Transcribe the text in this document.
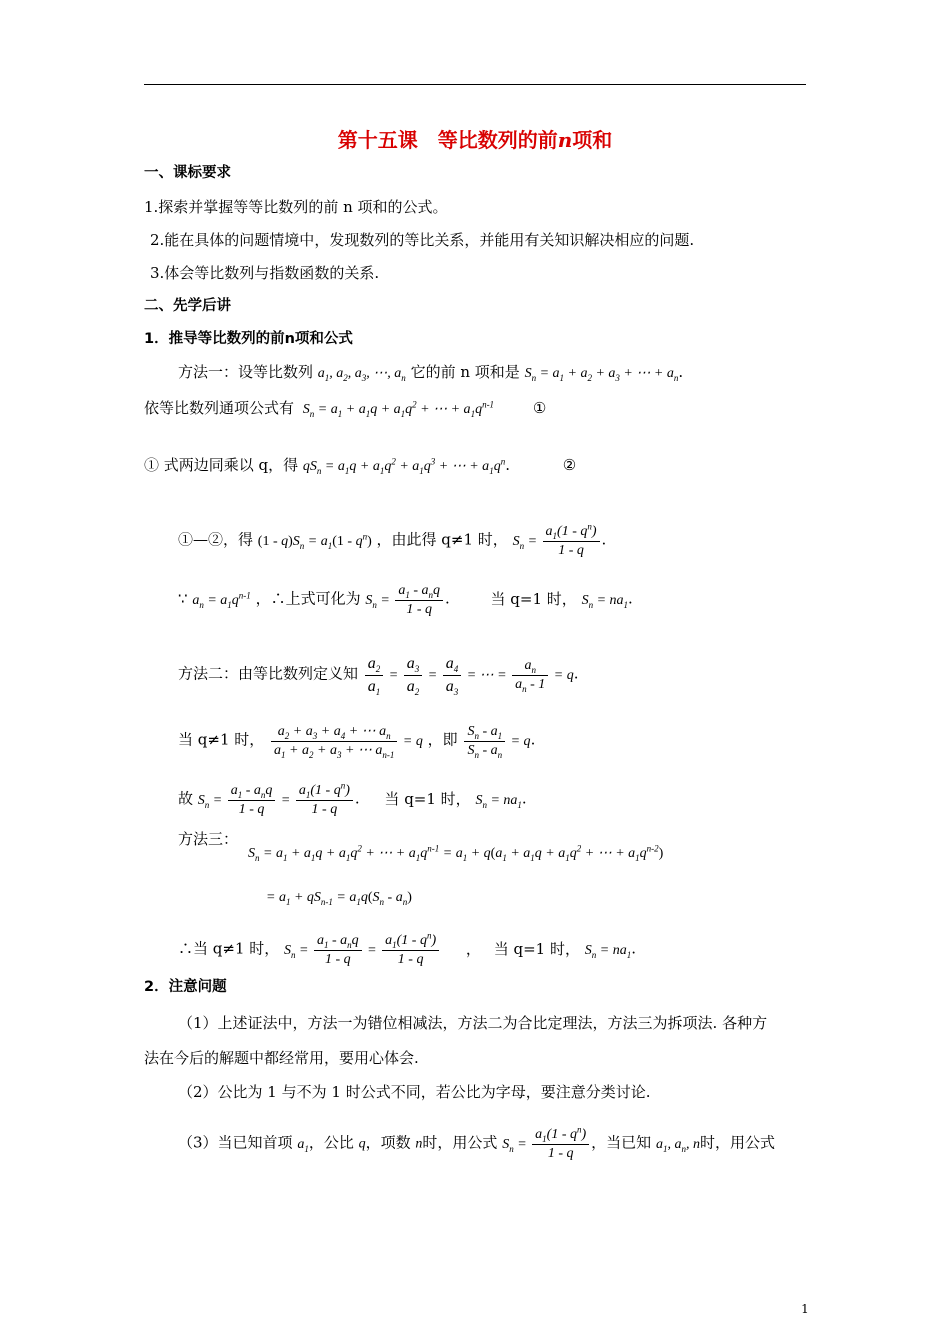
第十五课　等比数列的前n项和
一、课标要求
1.探索并掌握等等比数列的前 n 项和的公式。
2.能在具体的问题情境中，发现数列的等比关系，并能用有关知识解决相应的问题.
3.体会等比数列与指数函数的关系.
二、先学后讲
1．推导等比数列的前n项和公式
方法一：设等比数列 $a_1$, $a_2$, $a_3$, ⋯, $a_n$ 它的前 n 项和是 $S_n = a_1 + a_2 + a_3$ + ⋯ + $a_n$.
依等比数列通项公式有 $S_n = a_1 + a_1q + a_1q^2$ + ⋯ + $a_1q^{n-1}$	①
① 式两边同乘以 q，得 $qS_n = a_1q + a_1q^2 + a_1q^3$ + ⋯ + $a_1q^n$.	②
①—②，得 $(1 - q)S_n = a_1(1 - q^n)$ ，由此得 q≠1 时， $S_n = \frac{a_1(1 - q^n)}{1 - q}$ .
∵ $a_n = a_1q^{n-1}$ ，∴上式可化为 $S_n = \frac{a_1 - a_nq}{1 - q}$ . 当 q=1 时， $S_n = na_1$.
方法二：由等比数列定义知 $\frac{a_2}{a_1} = \frac{a_3}{a_2} = \frac{a_4}{a_3}$ = ⋯ = $\frac{a_n}{a_n - 1} = q$.
当 q≠1 时， $\frac{a_2 + a_3 + a_4 + \cdots a_n}{a_1 + a_2 + a_3 + \cdots a_{n-1}} = q$ ，即 $\frac{S_n - a_1}{S_n - a_n} = q$.
故 $S_n = \frac{a_1 - a_nq}{1 - q} = \frac{a_1(1 - q^n)}{1 - q}$ . 当 q=1 时， $S_n = na_1$.
方法三：
$S_n = a_1 + a_1q + a_1q^2$ + ⋯ + $a_1q^{n-1} = a_1 + q(a_1 + a_1q + a_1q^2$ + ⋯ + $a_1q^{n-2}$)
= $a_1 + qS_{n-1} = a_1q(S_n - a_n)$
∴当 q≠1 时， $S_n = \frac{a_1 - a_nq}{1 - q} = \frac{a_1(1 - q^n)}{1 - q}$ ， 当 q=1 时， $S_n = na_1$.
2．注意问题
（1）上述证法中，方法一为错位相减法，方法二为合比定理法，方法三为拆项法. 各种方
法在今后的解题中都经常用，要用心体会.
（2）公比为 1 与不为 1 时公式不同，若公比为字母，要注意分类讨论.
（3）当已知首项 $a_1$，公比 q，项数 n时，用公式 $S_n = \frac{a_1(1 - q^n)}{1 - q}$ ，当已知 $a_1$, $a_n$, n时，用公式
1
